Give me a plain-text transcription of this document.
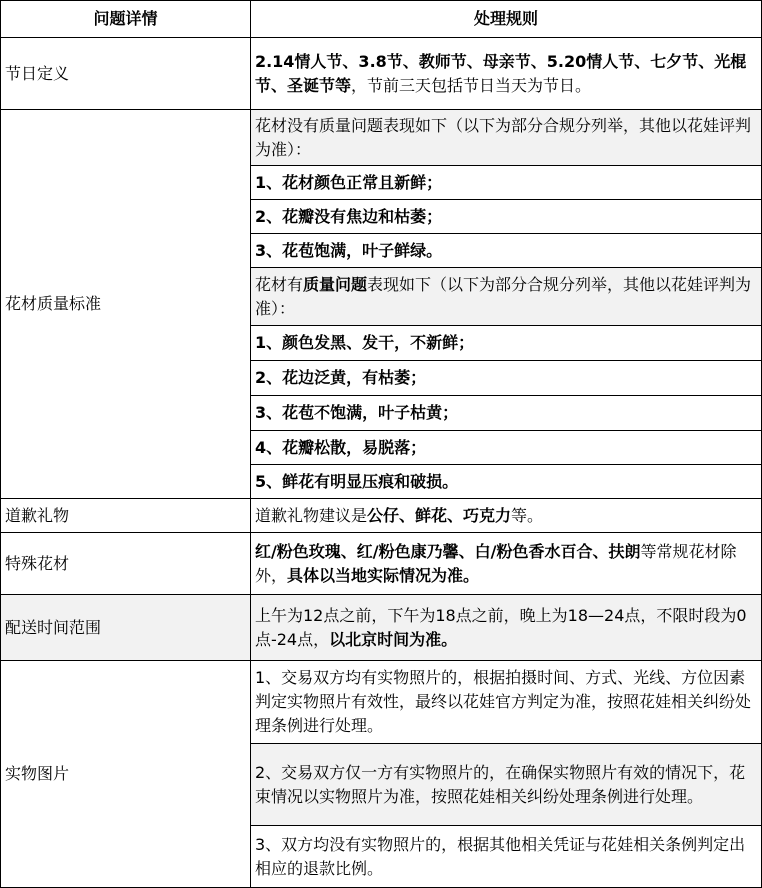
问题详情	处理规则
节日定义	2.14情人节、3.8节、教师节、母亲节、5.20情人节、七夕节、光棍节、圣诞节等，节前三天包括节日当天为节日。
花材质量标准	花材没有质量问题表现如下（以下为部分合规分列举，其他以花娃评判为准）：
	1、花材颜色正常且新鲜；
	2、花瓣没有焦边和枯萎；
	3、花苞饱满，叶子鲜绿。
	花材有质量问题表现如下（以下为部分合规分列举，其他以花娃评判为准）：
	1、颜色发黑、发干，不新鲜；
	2、花边泛黄，有枯萎；
	3、花苞不饱满，叶子枯黄；
	4、花瓣松散，易脱落；
	5、鲜花有明显压痕和破损。
道歉礼物	道歉礼物建议是公仔、鲜花、巧克力等。
特殊花材	红/粉色玫瑰、红/粉色康乃馨、白/粉色香水百合、扶朗等常规花材除外，具体以当地实际情况为准。
配送时间范围	上午为12点之前，下午为18点之前，晚上为18—24点，不限时段为0点-24点，以北京时间为准。
实物图片	1、交易双方均有实物照片的，根据拍摄时间、方式、光线、方位因素判定实物照片有效性，最终以花娃官方判定为准，按照花娃相关纠纷处理条例进行处理。
	2、交易双方仅一方有实物照片的，在确保实物照片有效的情况下，花束情况以实物照片为准，按照花娃相关纠纷处理条例进行处理。
	3、双方均没有实物照片的，根据其他相关凭证与花娃相关条例判定出相应的退款比例。
